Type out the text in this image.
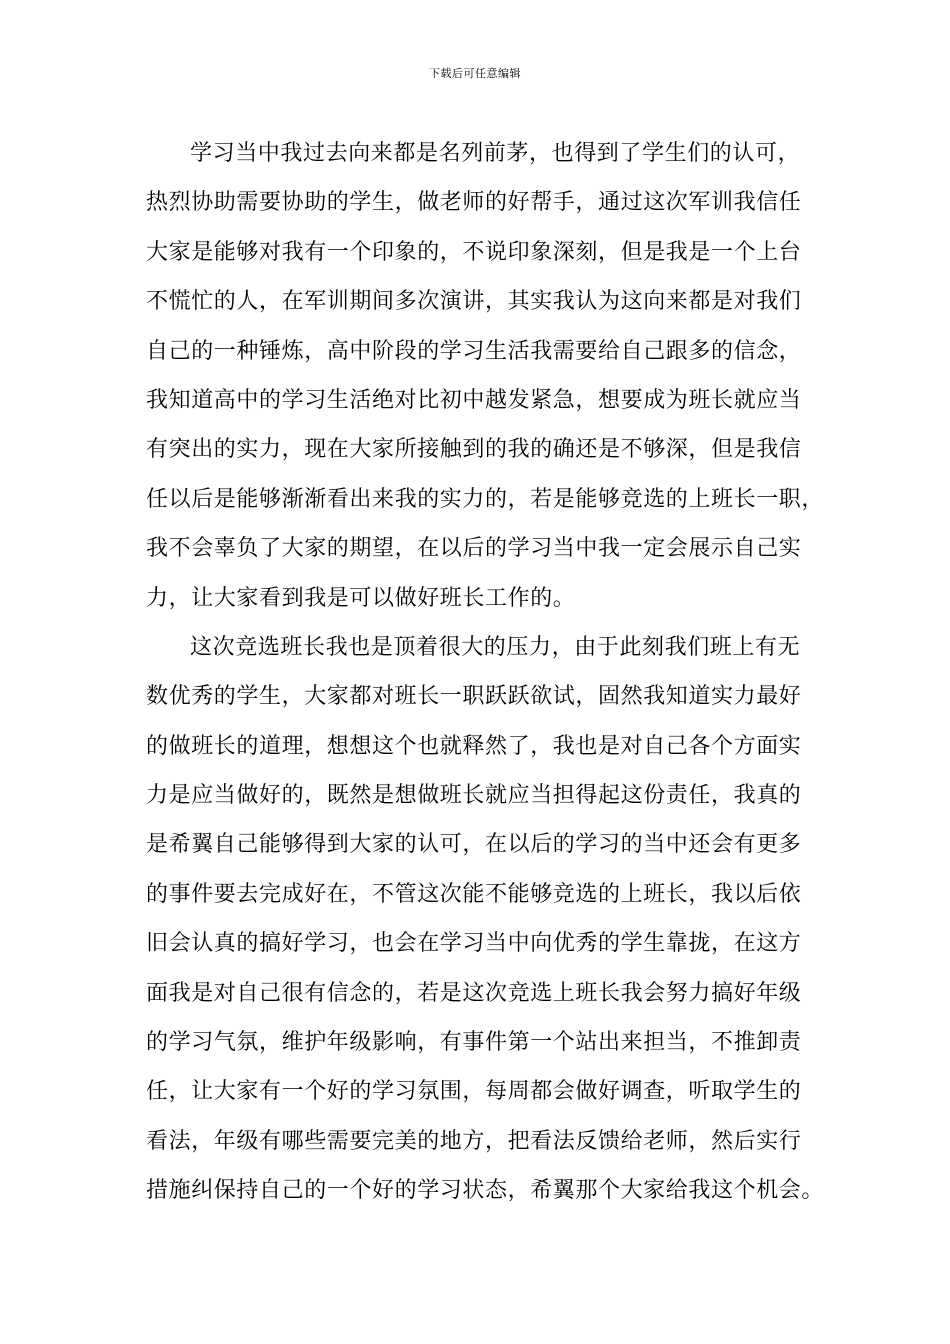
下载后可任意编辑
学习当中我过去向来都是名列前茅，也得到了学生们的认可，
热烈协助需要协助的学生，做老师的好帮手，通过这次军训我信任
大家是能够对我有一个印象的，不说印象深刻，但是我是一个上台
不慌忙的人，在军训期间多次演讲，其实我认为这向来都是对我们
自己的一种锤炼，高中阶段的学习生活我需要给自己跟多的信念，
我知道高中的学习生活绝对比初中越发紧急，想要成为班长就应当
有突出的实力，现在大家所接触到的我的确还是不够深，但是我信
任以后是能够渐渐看出来我的实力的，若是能够竞选的上班长一职，
我不会辜负了大家的期望，在以后的学习当中我一定会展示自己实
力，让大家看到我是可以做好班长工作的。
这次竞选班长我也是顶着很大的压力，由于此刻我们班上有无
数优秀的学生，大家都对班长一职跃跃欲试，固然我知道实力最好
的做班长的道理，想想这个也就释然了，我也是对自己各个方面实
力是应当做好的，既然是想做班长就应当担得起这份责任，我真的
是希翼自己能够得到大家的认可，在以后的学习的当中还会有更多
的事件要去完成好在，不管这次能不能够竞选的上班长，我以后依
旧会认真的搞好学习，也会在学习当中向优秀的学生靠拢，在这方
面我是对自己很有信念的，若是这次竞选上班长我会努力搞好年级
的学习气氛，维护年级影响，有事件第一个站出来担当，不推卸责
任，让大家有一个好的学习氛围，每周都会做好调查，听取学生的
看法，年级有哪些需要完美的地方，把看法反馈给老师，然后实行
措施纠保持自己的一个好的学习状态，希翼那个大家给我这个机会。
